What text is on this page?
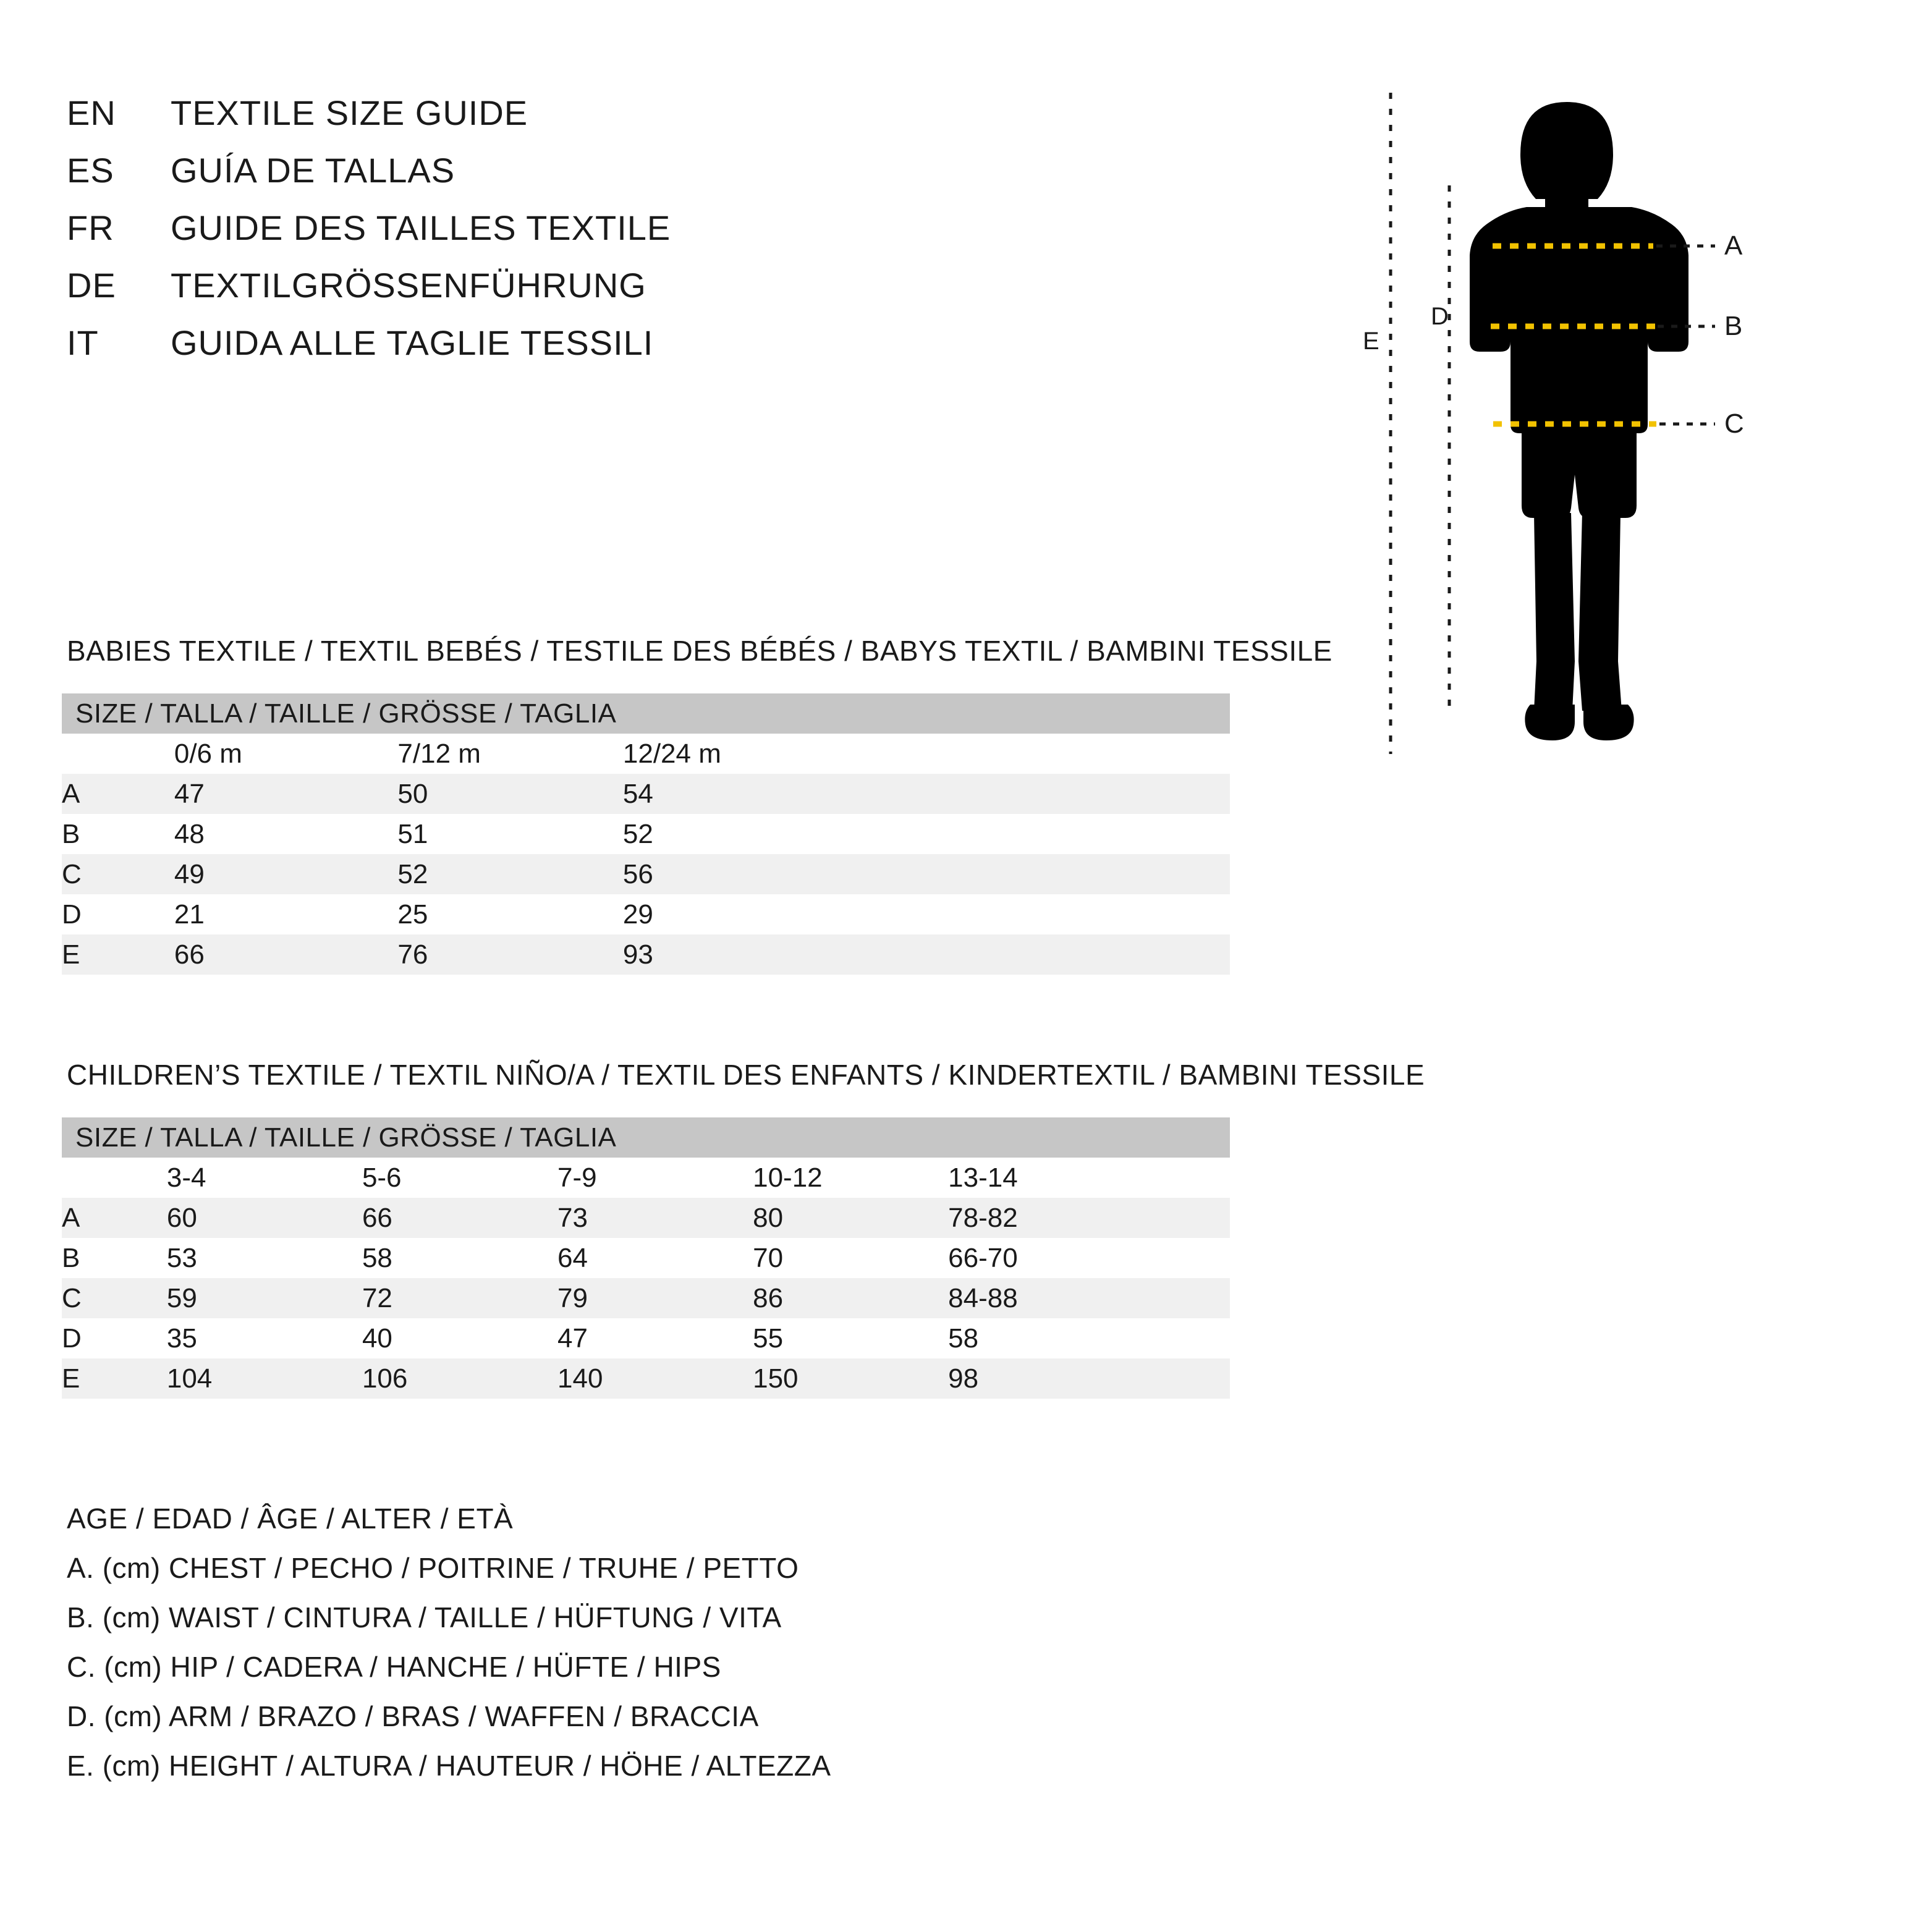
EN	TEXTILE SIZE GUIDE
ES	GUÍA DE TALLAS
FR	GUIDE DES TAILLES TEXTILE
DE	TEXTILGRÖSSENFÜHRUNG
IT	GUIDA ALLE TAGLIE TESSILI
A
B
C
D
E
BABIES TEXTILE / TEXTIL BEBÉS / TESTILE DES BÉBÉS / BABYS TEXTIL / BAMBINI TESSILE
SIZE / TALLA / TAILLE / GRÖSSE / TAGLIA				
	0/6 m	7/12 m	12/24 m	
A	47	50	54	
B	48	51	52	
C	49	52	56	
D	21	25	29	
E	66	76	93	
CHILDREN’S TEXTILE / TEXTIL NIÑO/A / TEXTIL DES ENFANTS / KINDERTEXTIL / BAMBINI TESSILE
SIZE / TALLA / TAILLE / GRÖSSE / TAGLIA						
	3-4	5-6	7-9	10-12	13-14	
A	60	66	73	80	78-82	
B	53	58	64	70	66-70	
C	59	72	79	86	84-88	
D	35	40	47	55	58	
E	104	106	140	150	98	
AGE / EDAD / ÂGE / ALTER / ETÀ
A. (cm) CHEST / PECHO / POITRINE / TRUHE / PETTO
B. (cm) WAIST / CINTURA / TAILLE / HÜFTUNG / VITA
C. (cm) HIP / CADERA / HANCHE / HÜFTE / HIPS
D. (cm) ARM / BRAZO / BRAS / WAFFEN / BRACCIA
E. (cm) HEIGHT / ALTURA / HAUTEUR / HÖHE / ALTEZZA
